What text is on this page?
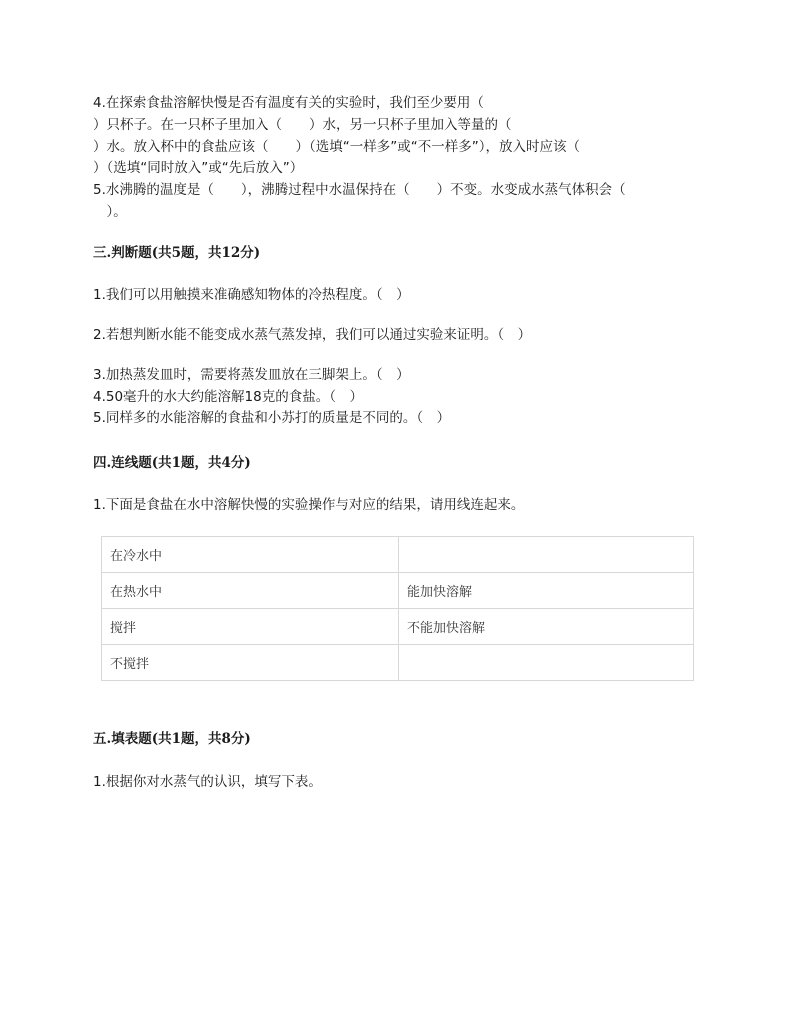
4.在探索食盐溶解快慢是否有温度有关的实验时，我们至少要用（
）只杯子。在一只杯子里加入（　　）水，另一只杯子里加入等量的（
）水。放入杯中的食盐应该（　　）（选填“一样多”或“不一样多”），放入时应该（
）（选填“同时放入”或“先后放入”）
5.水沸腾的温度是（　　），沸腾过程中水温保持在（　　）不变。水变成水蒸气体积会（
　）。
三.判断题(共5题，共12分)
1.我们可以用触摸来准确感知物体的冷热程度。（　）
2.若想判断水能不能变成水蒸气蒸发掉，我们可以通过实验来证明。（　）
3.加热蒸发皿时，需要将蒸发皿放在三脚架上。（　）
4.50毫升的水大约能溶解18克的食盐。（　）
5.同样多的水能溶解的食盐和小苏打的质量是不同的。（　）
四.连线题(共1题，共4分)
1.下面是食盐在水中溶解快慢的实验操作与对应的结果，请用线连起来。
在冷水中	
在热水中	能加快溶解
搅拌	不能加快溶解
不搅拌	
五.填表题(共1题，共8分)
1.根据你对水蒸气的认识，填写下表。
